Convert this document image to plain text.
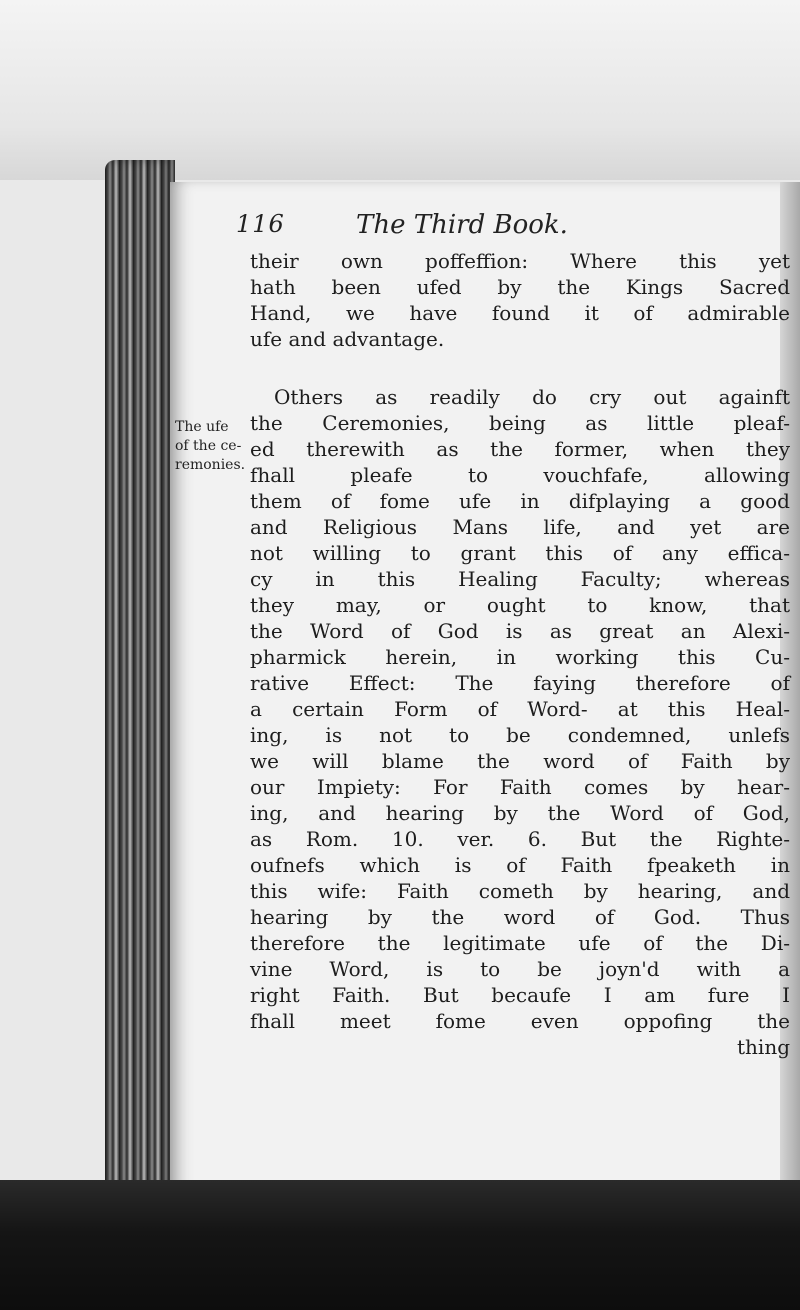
116	The Third Book.
The ufe
of the ce-
remonies.
their own poffeffion: Where this yet
hath been ufed by the Kings Sacred
Hand, we have found it of admirable
ufe and advantage.
Others as readily do cry out againft
the Ceremonies, being as little pleaf-
ed therewith as the former, when they
fhall pleafe to vouchfafe, allowing
them of fome ufe in difplaying a good
and Religious Mans life, and yet are
not willing to grant this of any effica-
cy in this Healing Faculty; whereas
they may, or ought to know, that
the Word of God is as great an Alexi-
pharmick herein, in working this Cu-
rative Effect: The faying therefore of
a certain Form of Word- at this Heal-
ing, is not to be condemned, unlefs
we will blame the word of Faith by
our Impiety: For Faith comes by hear-
ing, and hearing by the Word of God,
as Rom. 10. ver. 6. But the Righte-
oufnefs which is of Faith fpeaketh in
this wife: Faith cometh by hearing, and
hearing by the word of God. Thus
therefore the legitimate ufe of the Di-
vine Word, is to be joyn'd with a
right Faith. But becaufe I am fure I
fhall meet fome even oppofing the
thing
